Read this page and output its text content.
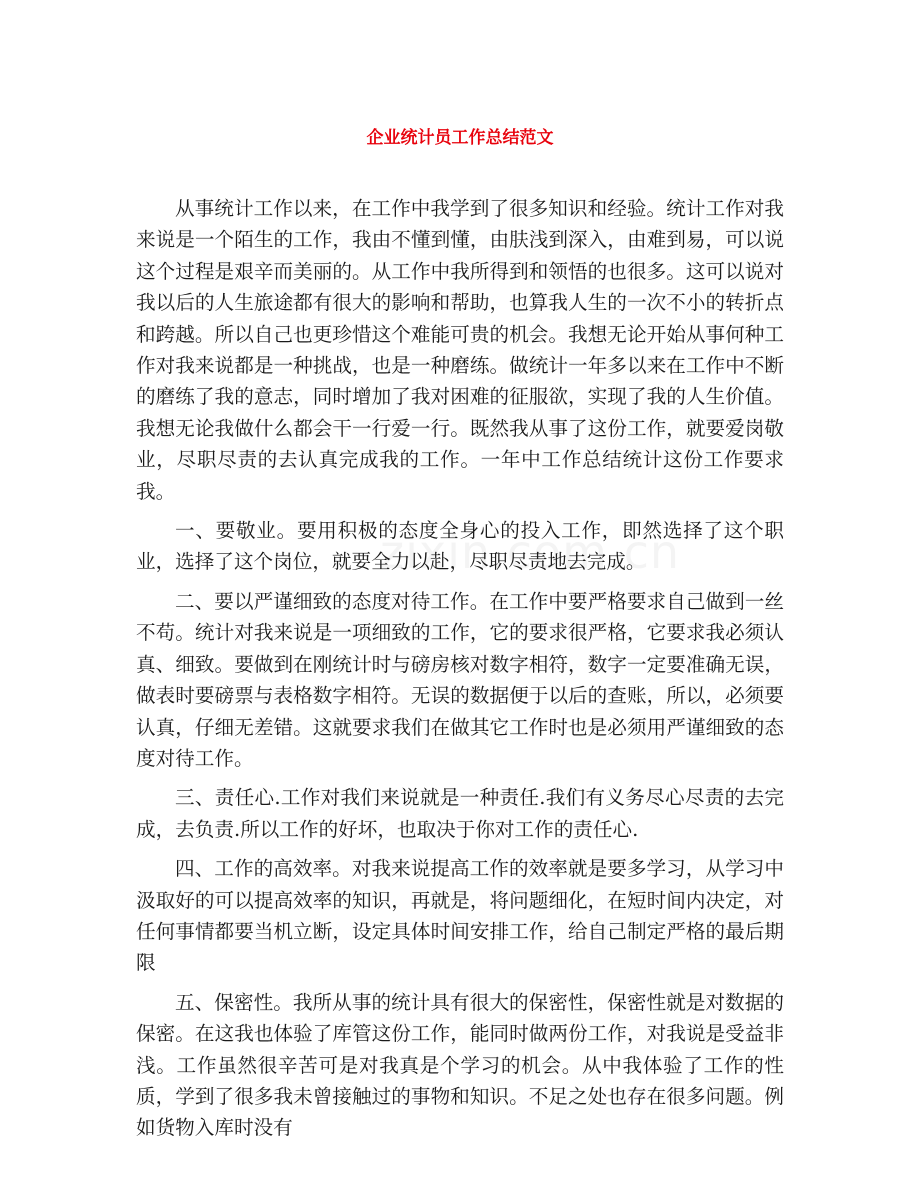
企业统计员工作总结范文

从事统计工作以来，在工作中我学到了很多知识和经验。统计工作对我来说是一个陌生的工作，我由不懂到懂，由肤浅到深入，由难到易，可以说这个过程是艰辛而美丽的。从工作中我所得到和领悟的也很多。这可以说对我以后的人生旅途都有很大的影响和帮助，也算我人生的一次不小的转折点和跨越。所以自己也更珍惜这个难能可贵的机会。我想无论开始从事何种工作对我来说都是一种挑战，也是一种磨练。做统计一年多以来在工作中不断的磨练了我的意志，同时增加了我对困难的征服欲，实现了我的人生价值。我想无论我做什么都会干一行爱一行。既然我从事了这份工作，就要爱岗敬业，尽职尽责的去认真完成我的工作。一年中工作总结统计这份工作要求我。

一、要敬业。要用积极的态度全身心的投入工作，即然选择了这个职业，选择了这个岗位，就要全力以赴，尽职尽责地去完成。

二、要以严谨细致的态度对待工作。在工作中要严格要求自己做到一丝不苟。统计对我来说是一项细致的工作，它的要求很严格，它要求我必须认真、细致。要做到在刚统计时与磅房核对数字相符，数字一定要准确无误，做表时要磅票与表格数字相符。无误的数据便于以后的查账，所以，必须要认真，仔细无差错。这就要求我们在做其它工作时也是必须用严谨细致的态度对待工作。

三、责任心.工作对我们来说就是一种责任.我们有义务尽心尽责的去完成，去负责.所以工作的好坏，也取决于你对工作的责任心.

四、工作的高效率。对我来说提高工作的效率就是要多学习，从学习中汲取好的可以提高效率的知识，再就是，将问题细化，在短时间内决定，对任何事情都要当机立断，设定具体时间安排工作，给自己制定严格的最后期限

五、保密性。我所从事的统计具有很大的保密性，保密性就是对数据的保密。在这我也体验了库管这份工作，能同时做两份工作，对我说是受益非浅。工作虽然很辛苦可是对我真是个学习的机会。从中我体验了工作的性质，学到了很多我未曾接触过的事物和知识。不足之处也存在很多问题。例如货物入库时没有
